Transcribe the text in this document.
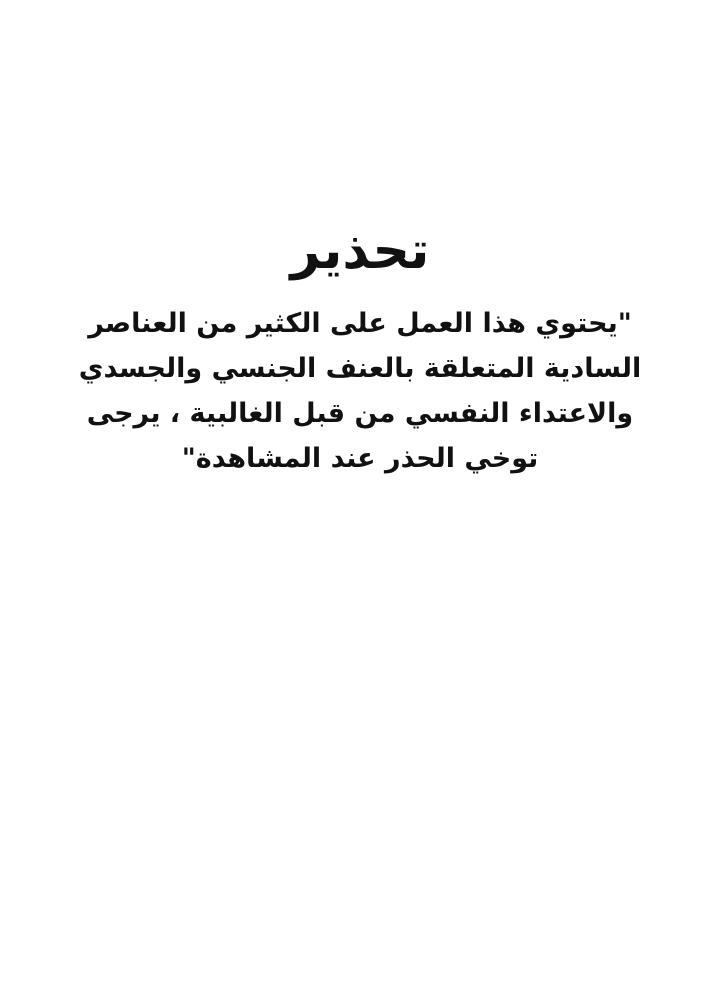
تحذير

"يحتوي هذا العمل على الكثير من العناصر
السادية المتعلقة بالعنف الجنسي والجسدي
والاعتداء النفسي من قبل الغالبية ، يرجى
توخي الحذر عند المشاهدة"
